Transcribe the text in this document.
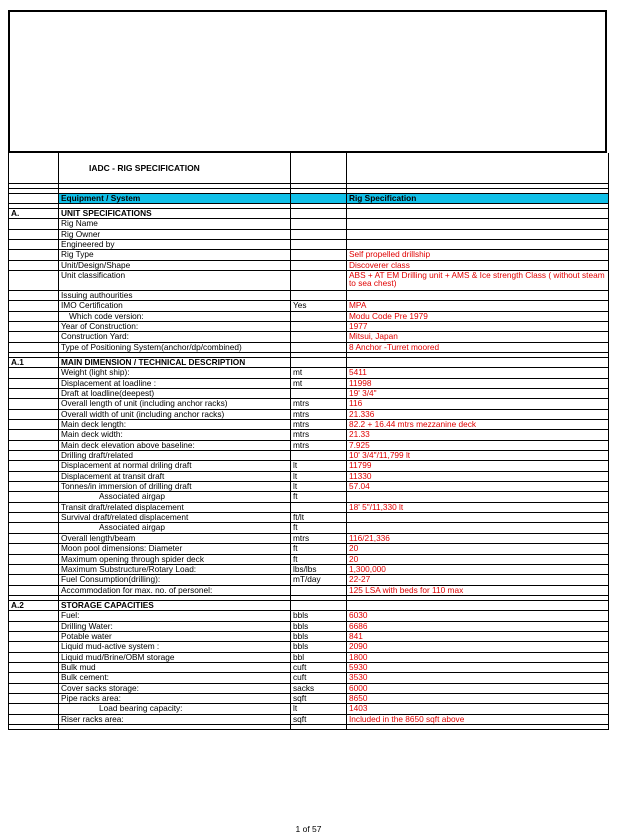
	IADC - RIG SPECIFICATION		

	Equipment / System		Rig Specification

A.	UNIT SPECIFICATIONS		
	Rig Name		
	Rig Owner		
	Engineered by		
	Rig Type		Self propelled drillship
	Unit/Design/Shape		Discoverer class
	Unit classification		ABS + AT EM Drilling unit + AMS & Ice strength Class ( without steam to sea chest)
	Issuing authourities		
	IMO Certification	Yes	MPA
	Which code version:		Modu Code Pre 1979
	Year of Construction:		1977
	Construction Yard:		Mitsui, Japan
	Type of Positioning System(anchor/dp/combined)		8 Anchor -Turret moored

A.1	MAIN DIMENSION / TECHNICAL DESCRIPTION		
	Weight (light ship):	mt	5411
	Displacement at loadline :	mt	11998
	Draft at loadline(deepest)		19' 3/4"
	Overall length of unit (including anchor racks)	mtrs	116
	Overall width of unit (including anchor racks)	mtrs	21.336
	Main deck length:	mtrs	82.2 + 16.44 mtrs mezzanine deck
	Main deck width:	mtrs	21.33
	Main deck elevation above baseline:	mtrs	7.925
	Drilling draft/related		10' 3/4"/11,799 lt
	Displacement at normal driling draft	lt	11799
	Displacement at transit draft	lt	11330
	Tonnes/in immersion of drilling draft	lt	57.04
	Associated airgap	ft	
	Transit draft/related displacement		18' 5"/11,330 lt
	Survival draft/related displacement	ft/lt	
	Associated airgap	ft	
	Overall length/beam	mtrs	116/21,336
	Moon pool dimensions: Diameter	ft	20
	Maximum opening through spider deck	ft	20
	Maximum Substructure/Rotary Load:	lbs/lbs	1,300,000
	Fuel Consumption(drilling):	mT/day	22-27
	Accommodation for max. no. of personel:		125 LSA with beds for 110 max

A.2	STORAGE CAPACITIES		
	Fuel:	bbls	6030
	Drilling Water:	bbls	6686
	Potable water	bbls	841
	Liquid mud-active system :	bbls	2090
	Liquid mud/Brine/OBM storage	bbl	1800
	Bulk mud	cuft	5930
	Bulk cement:	cuft	3530
	Cover sacks storage:	sacks	6000
	Pipe racks area:	sqft	8650
	Load bearing capacity:	lt	1403
	Riser racks area:	sqft	Included in the 8650 sqft above

1 of 57
